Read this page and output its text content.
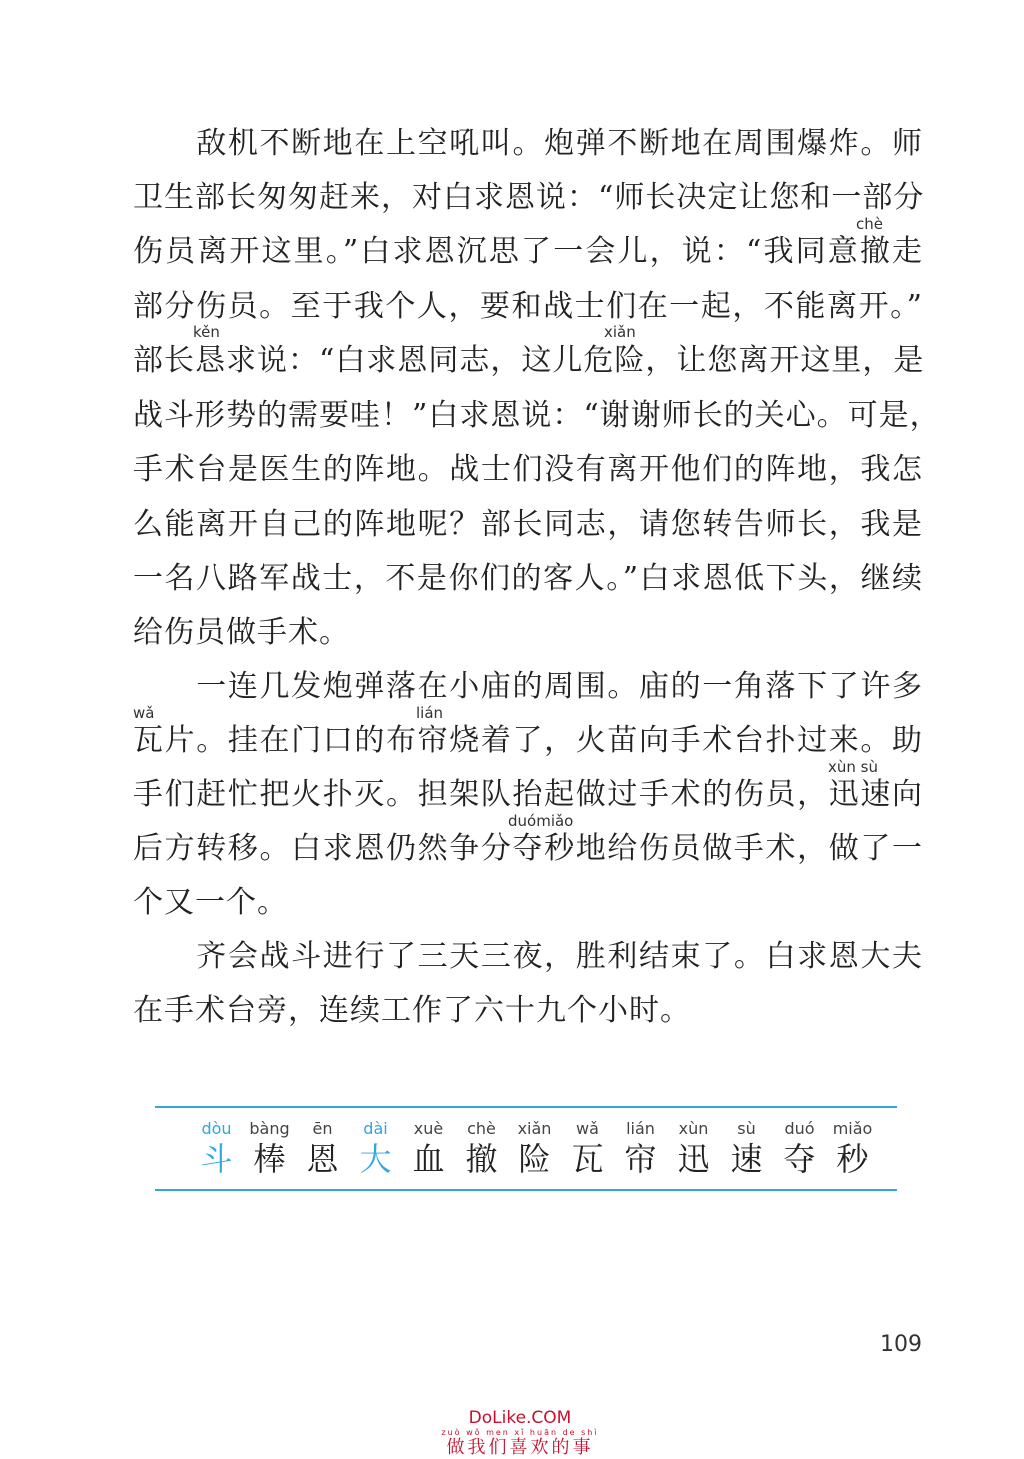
　　敌机不断地在上空吼叫。炮弹不断地在周围爆炸。师
卫生部长匆匆赶来，对白求恩说：“师长决定让您和一部分
伤员离开这里。”白求恩沉思了一会儿，说：“我同意撤走
部分伤员。至于我个人，要和战士们在一起，不能离开。”
部长恳求说：“白求恩同志，这儿危险，让您离开这里，是
战斗形势的需要哇！”白求恩说：“谢谢师长的关心。可是，
手术台是医生的阵地。战士们没有离开他们的阵地，我怎
么能离开自己的阵地呢？部长同志，请您转告师长，我是
一名八路军战士，不是你们的客人。”白求恩低下头，继续
给伤员做手术。
　　一连几发炮弹落在小庙的周围。庙的一角落下了许多
瓦片。挂在门口的布帘烧着了，火苗向手术台扑过来。助
手们赶忙把火扑灭。担架队抬起做过手术的伤员，迅速向
后方转移。白求恩仍然争分夺秒地给伤员做手术，做了一
个又一个。
　　齐会战斗进行了三天三夜，胜利结束了。白求恩大夫
在手术台旁，连续工作了六十九个小时。
chè
kěn	xiǎn
wǎ	lián
xùn sù
duómiǎo
dòu
斗
bàng
棒
ēn
恩
dài
大
xuè
血
chè
撤
xiǎn
险
wǎ
瓦
lián
帘
xùn
迅
sù
速
duó
夺
miǎo
秒
109
DoLike.COM
zuò wǒ men xǐ huān de shì
做我们喜欢的事
